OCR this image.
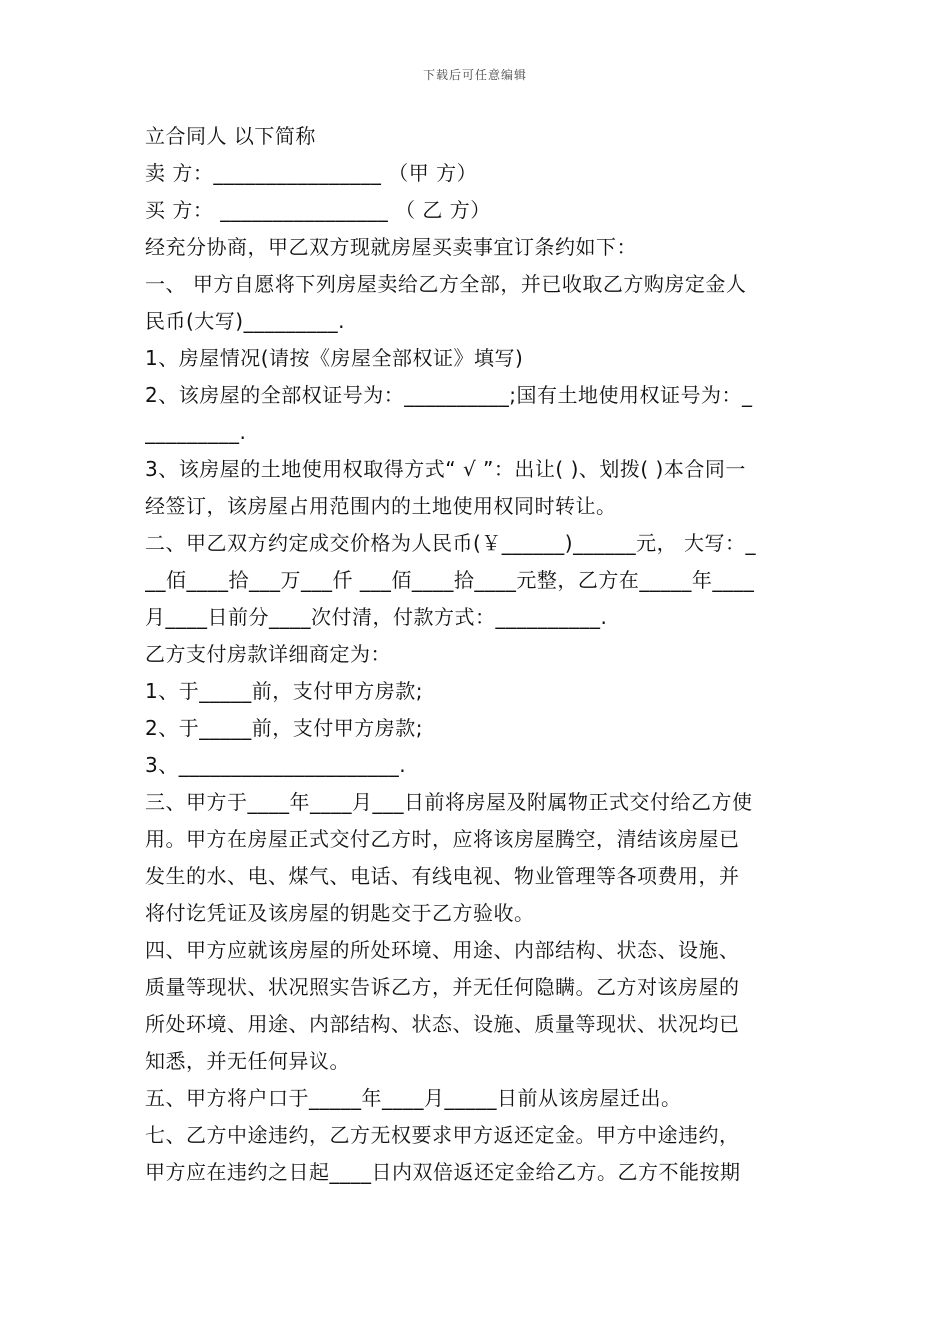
下载后可任意编辑
立合同人 以下简称
卖 方：________________ （甲 方）
买 方： ________________ （ 乙 方）
经充分协商，甲乙双方现就房屋买卖事宜订条约如下：
一、 甲方自愿将下列房屋卖给乙方全部，并已收取乙方购房定金人
民币(大写)_________.
1、房屋情况(请按《房屋全部权证》填写)
2、该房屋的全部权证号为：__________;国有土地使用权证号为：_
_________.
3、该房屋的土地使用权取得方式“ √ ”：出让( )、划拨( )本合同一
经签订，该房屋占用范围内的土地使用权同时转让。
二、甲乙双方约定成交价格为人民币(￥______)______元， 大写：_
__佰____拾___万___仟 ___佰____拾____元整，乙方在_____年____
月____日前分____次付清，付款方式：__________.
乙方支付房款详细商定为：
1、于_____前，支付甲方房款;
2、于_____前，支付甲方房款;
3、_____________________.
三、甲方于____年____月___日前将房屋及附属物正式交付给乙方使
用。甲方在房屋正式交付乙方时，应将该房屋腾空，清结该房屋已
发生的水、电、煤气、电话、有线电视、物业管理等各项费用，并
将付讫凭证及该房屋的钥匙交于乙方验收。
四、甲方应就该房屋的所处环境、用途、内部结构、状态、设施、
质量等现状、状况照实告诉乙方，并无任何隐瞒。乙方对该房屋的
所处环境、用途、内部结构、状态、设施、质量等现状、状况均已
知悉，并无任何异议。
五、甲方将户口于_____年____月_____日前从该房屋迁出。
七、乙方中途违约，乙方无权要求甲方返还定金。甲方中途违约，
甲方应在违约之日起____日内双倍返还定金给乙方。乙方不能按期
